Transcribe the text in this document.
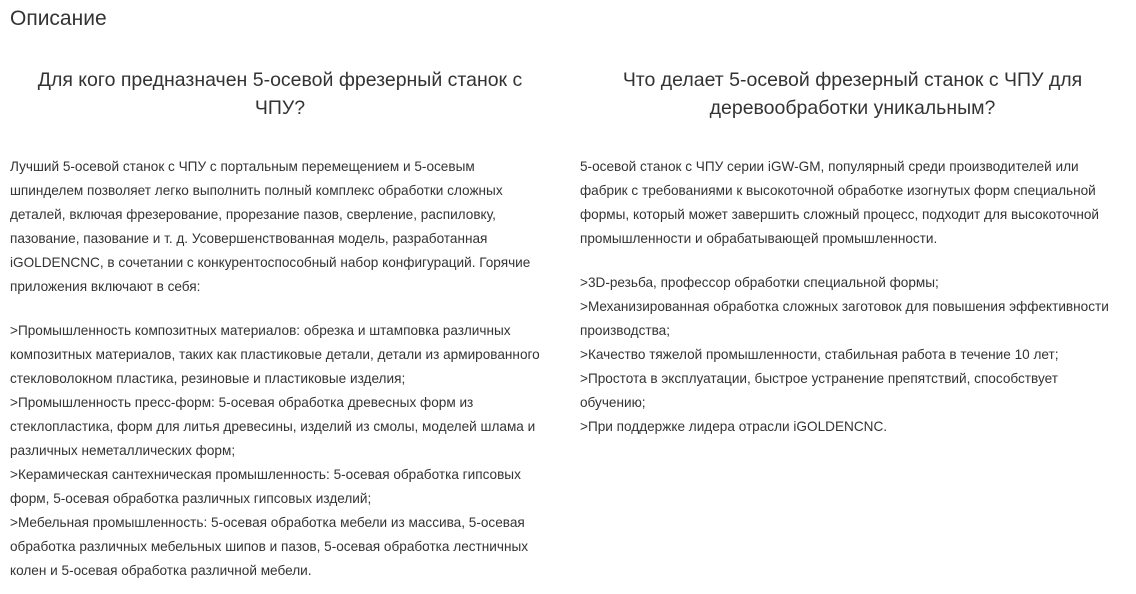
Описание
Для кого предназначен 5-осевой фрезерный станок с ЧПУ?

Лучший 5-осевой станок с ЧПУ с портальным перемещением и 5-осевым шпинделем позволяет легко выполнить полный комплекс обработки сложных деталей, включая фрезерование, прорезание пазов, сверление, распиловку, пазование, пазование и т. д. Усовершенствованная модель, разработанная iGOLDENCNC, в сочетании с конкурентоспособный набор конфигураций. Горячие приложения включают в себя:

>Промышленность композитных материалов: обрезка и штамповка различных композитных материалов, таких как пластиковые детали, детали из армированного стекловолокном пластика, резиновые и пластиковые изделия;

>Промышленность пресс-форм: 5-осевая обработка древесных форм из стеклопластика, форм для литья древесины, изделий из смолы, моделей шлама и различных неметаллических форм;

>Керамическая сантехническая промышленность: 5-осевая обработка гипсовых форм, 5-осевая обработка различных гипсовых изделий;

>Мебельная промышленность: 5-осевая обработка мебели из массива, 5-осевая обработка различных мебельных шипов и пазов, 5-осевая обработка лестничных колен и 5-осевая обработка различной мебели.

Что делает 5-осевой фрезерный станок с ЧПУ для деревообработки уникальным?

5-осевой станок с ЧПУ серии iGW-GM, популярный среди производителей или фабрик с требованиями к высокоточной обработке изогнутых форм специальной формы, который может завершить сложный процесс, подходит для высокоточной промышленности и обрабатывающей промышленности.

>3D-резьба, профессор обработки специальной формы;

>Механизированная обработка сложных заготовок для повышения эффективности производства;

>Качество тяжелой промышленности, стабильная работа в течение 10 лет;

>Простота в эксплуатации, быстрое устранение препятствий, способствует обучению;

>При поддержке лидера отрасли iGOLDENCNC.
